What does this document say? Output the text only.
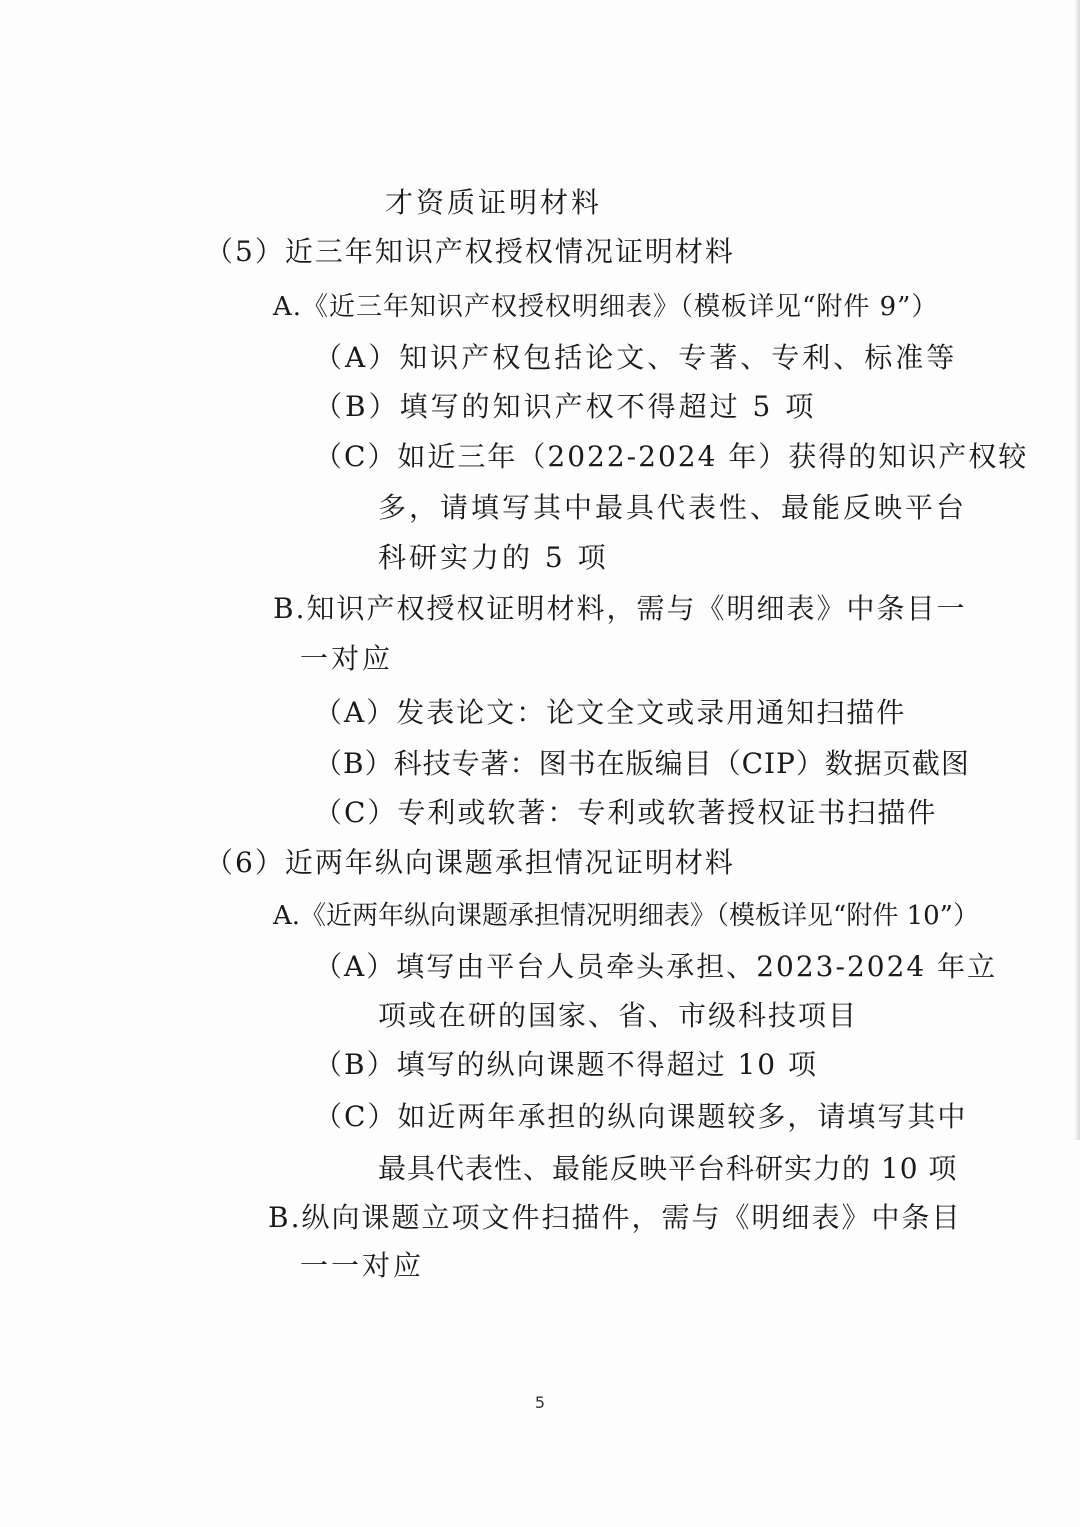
才资质证明材料
（5）近三年知识产权授权情况证明材料
A.《近三年知识产权授权明细表》（模板详见“附件 9”）
（A）知识产权包括论文、专著、专利、标准等
（B）填写的知识产权不得超过 5 项
（C）如近三年（2022-2024 年）获得的知识产权较
多，请填写其中最具代表性、最能反映平台
科研实力的 5 项
B.知识产权授权证明材料，需与《明细表》中条目一
一对应
（A）发表论文：论文全文或录用通知扫描件
（B）科技专著：图书在版编目（CIP）数据页截图
（C）专利或软著：专利或软著授权证书扫描件
（6）近两年纵向课题承担情况证明材料
A.《近两年纵向课题承担情况明细表》（模板详见“附件 10”）
（A）填写由平台人员牵头承担、2023-2024 年立
项或在研的国家、省、市级科技项目
（B）填写的纵向课题不得超过 10 项
（C）如近两年承担的纵向课题较多，请填写其中
最具代表性、最能反映平台科研实力的 10 项
B.纵向课题立项文件扫描件，需与《明细表》中条目
一一对应
5
